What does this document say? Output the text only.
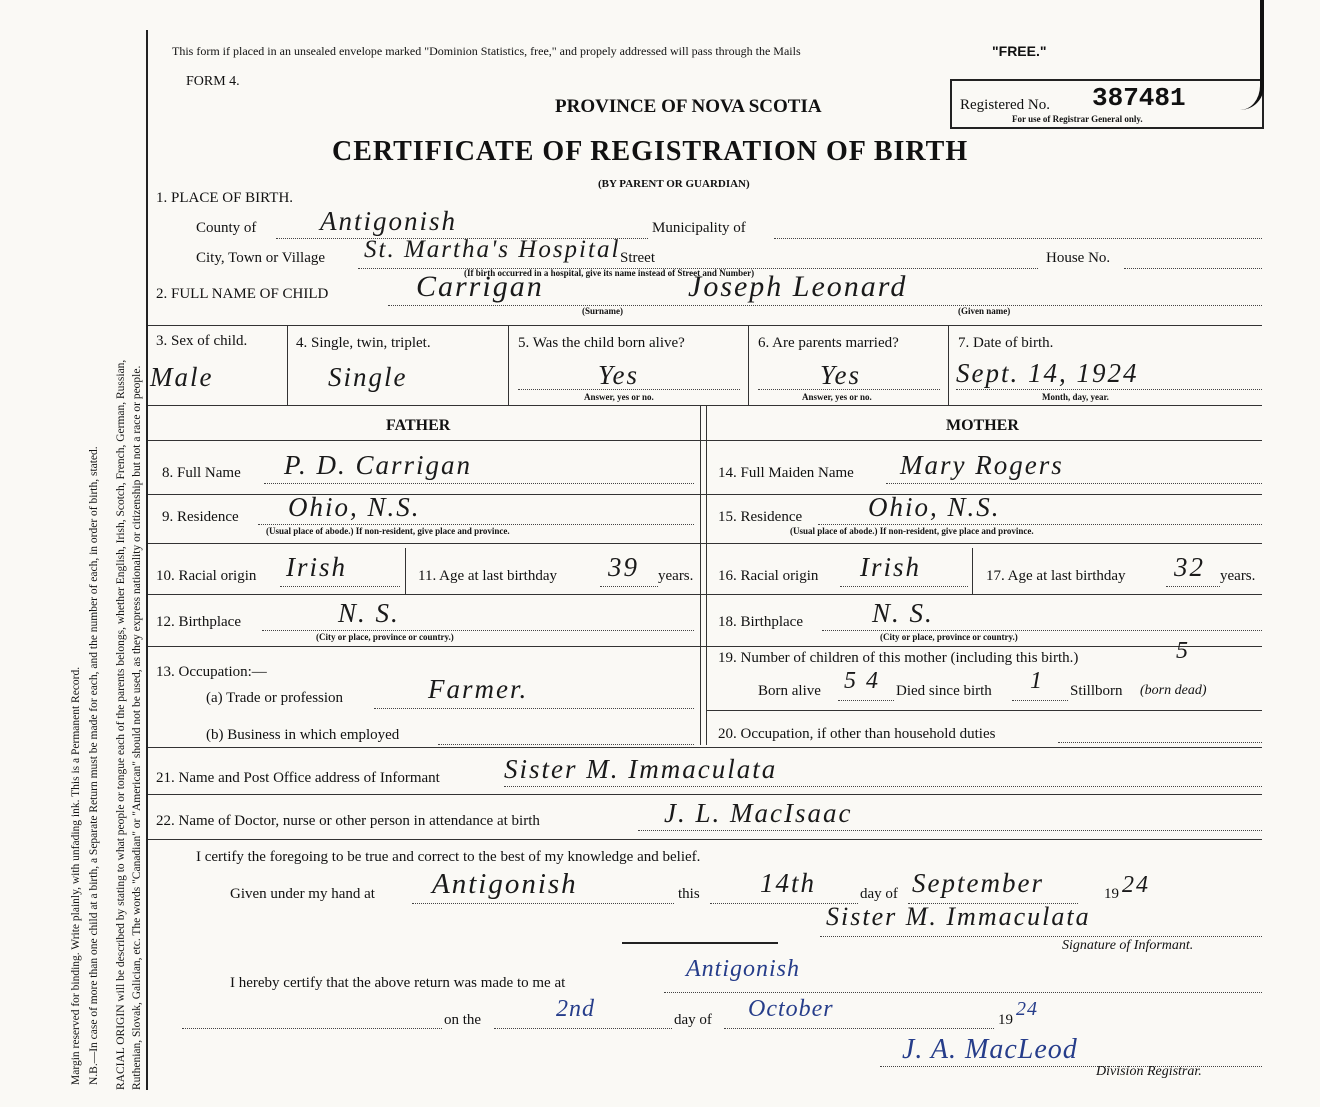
Margin reserved for binding. Write plainly, with unfading ink. This is a Permanent Record. N.B.—In case of more than one child at a birth, a Separate Return must be made for each, and the number of each, in order of birth, stated. RACIAL ORIGIN will be described by stating to what people or tongue each of the parents belongs, whether English, Irish, Scotch, French, German, Russian, Ruthenian, Slovak, Galician, etc. The words "Canadian" or "American" should not be used, as they express nationality or citizenship but not a race or people.
This form if placed in an unsealed envelope marked "Dominion Statistics, free," and propely addressed will pass through the Mails	"FREE."
FORM 4.
PROVINCE OF NOVA SCOTIA	Registered No. 387481
For use of Registrar General only.
CERTIFICATE OF REGISTRATION OF BIRTH
(BY PARENT OR GUARDIAN)
1. PLACE OF BIRTH.
County of Antigonish	Municipality of
City, Town or Village St. Martha's Hospital Street	House No.
(If birth occurred in a hospital, give its name instead of Street and Number)
2. FULL NAME OF CHILD	Carrigan	Joseph Leonard
(Surname)	(Given name)
3. Sex of child.
Male
4. Single, twin, triplet.
Single
5. Was the child born alive?
Yes
Answer, yes or no.
6. Are parents married?
Yes
Answer, yes or no.
7. Date of birth.
Sept. 14, 1924
Month, day, year.
FATHER	MOTHER
8. Full Name P. D. Carrigan	14. Full Maiden Name Mary Rogers
9. Residence Ohio, N.S.
(Usual place of abode.) If non-resident, give place and province.
15. Residence Ohio, N.S.
(Usual place of abode.) If non-resident, give place and province.
10. Racial origin Irish	11. Age at last birthday 39 years. 16. Racial origin Irish	17. Age at last birthday 32 years.
12. Birthplace	N. S.
(City or place, province or country.)
18. Birthplace	N. S.
(City or place, province or country.)
13. Occupation:—
(a) Trade or profession	Farmer.
(b) Business in which employed
19. Number of children of this mother (including this birth.)	5
Born alive 5 4 Died since birth 1 Stillborn (born dead)
20. Occupation, if other than household duties
21. Name and Post Office address of Informant Sister M. Immaculata
22. Name of Doctor, nurse or other person in attendance at birth	J. L. MacIsaac
I certify the foregoing to be true and correct to the best of my knowledge and belief.
Given under my hand at Antigonish	this 14th	day of September	19 24
Sister M. Immaculata
Signature of Informant.
I hereby certify that the above return was made to me at
Antigonish
on the	2nd	day of October	19 24
J. A. MacLeod
Division Registrar.
